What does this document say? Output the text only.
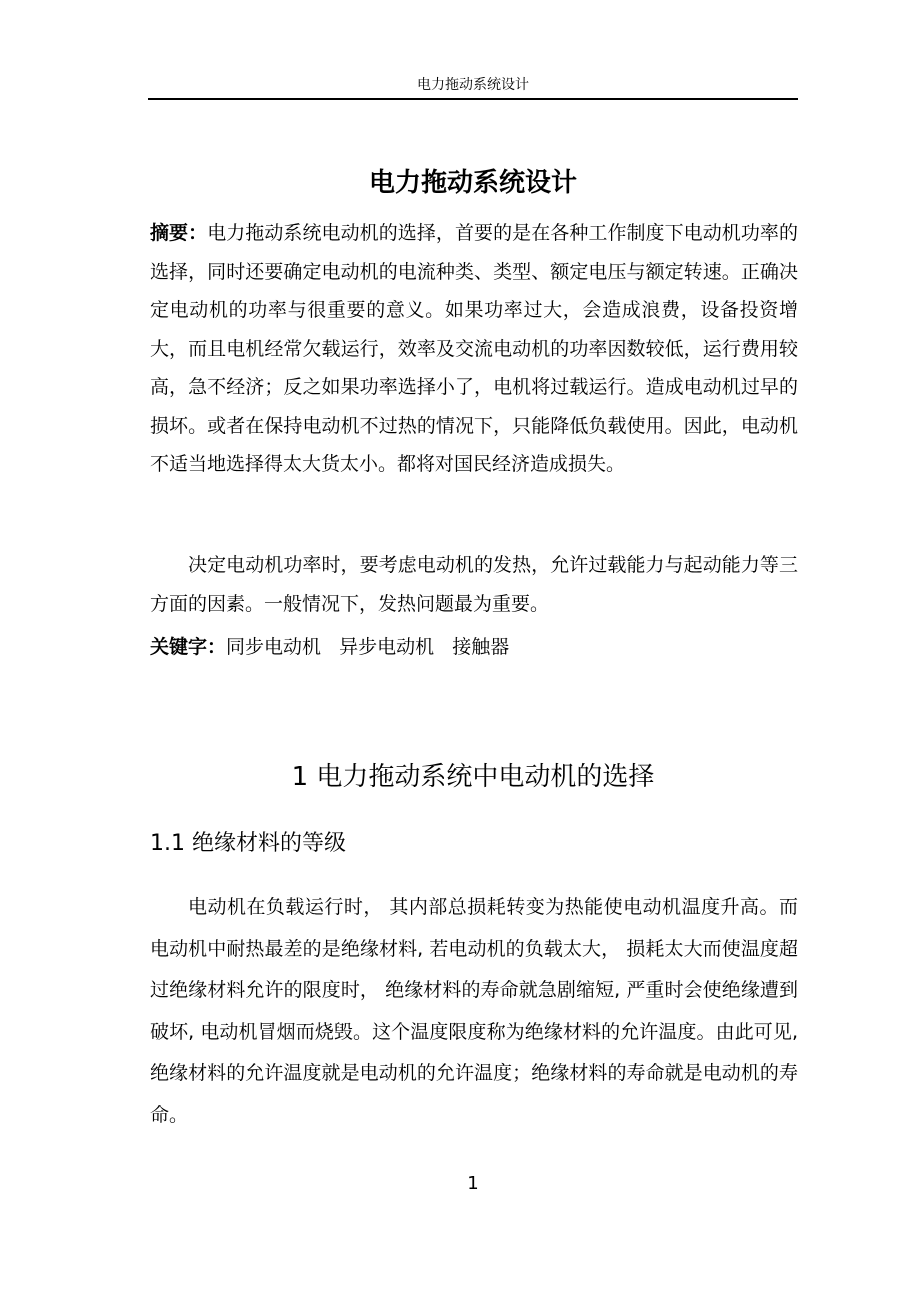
电力拖动系统设计
电力拖动系统设计

摘要：电力拖动系统电动机的选择，首要的是在各种工作制度下电动机功率的选择，同时还要确定电动机的电流种类、类型、额定电压与额定转速。正确决定电动机的功率与很重要的意义。如果功率过大，会造成浪费，设备投资增大，而且电机经常欠载运行，效率及交流电动机的功率因数较低，运行费用较高，急不经济；反之如果功率选择小了，电机将过载运行。造成电动机过早的损坏。或者在保持电动机不过热的情况下，只能降低负载使用。因此，电动机不适当地选择得太大货太小。都将对国民经济造成损失。

决定电动机功率时，要考虑电动机的发热，允许过载能力与起动能力等三方面的因素。一般情况下，发热问题最为重要。

关键字：同步电动机   异步电动机   接触器

1 电力拖动系统中电动机的选择
1.1 绝缘材料的等级

电动机在负载运行时， 其内部总损耗转变为热能使电动机温度升高。而电动机中耐热最差的是绝缘材料, 若电动机的负载太大， 损耗太大而使温度超过绝缘材料允许的限度时， 绝缘材料的寿命就急剧缩短, 严重时会使绝缘遭到破坏, 电动机冒烟而烧毁。这个温度限度称为绝缘材料的允许温度。由此可见, 绝缘材料的允许温度就是电动机的允许温度；绝缘材料的寿命就是电动机的寿命。

1
